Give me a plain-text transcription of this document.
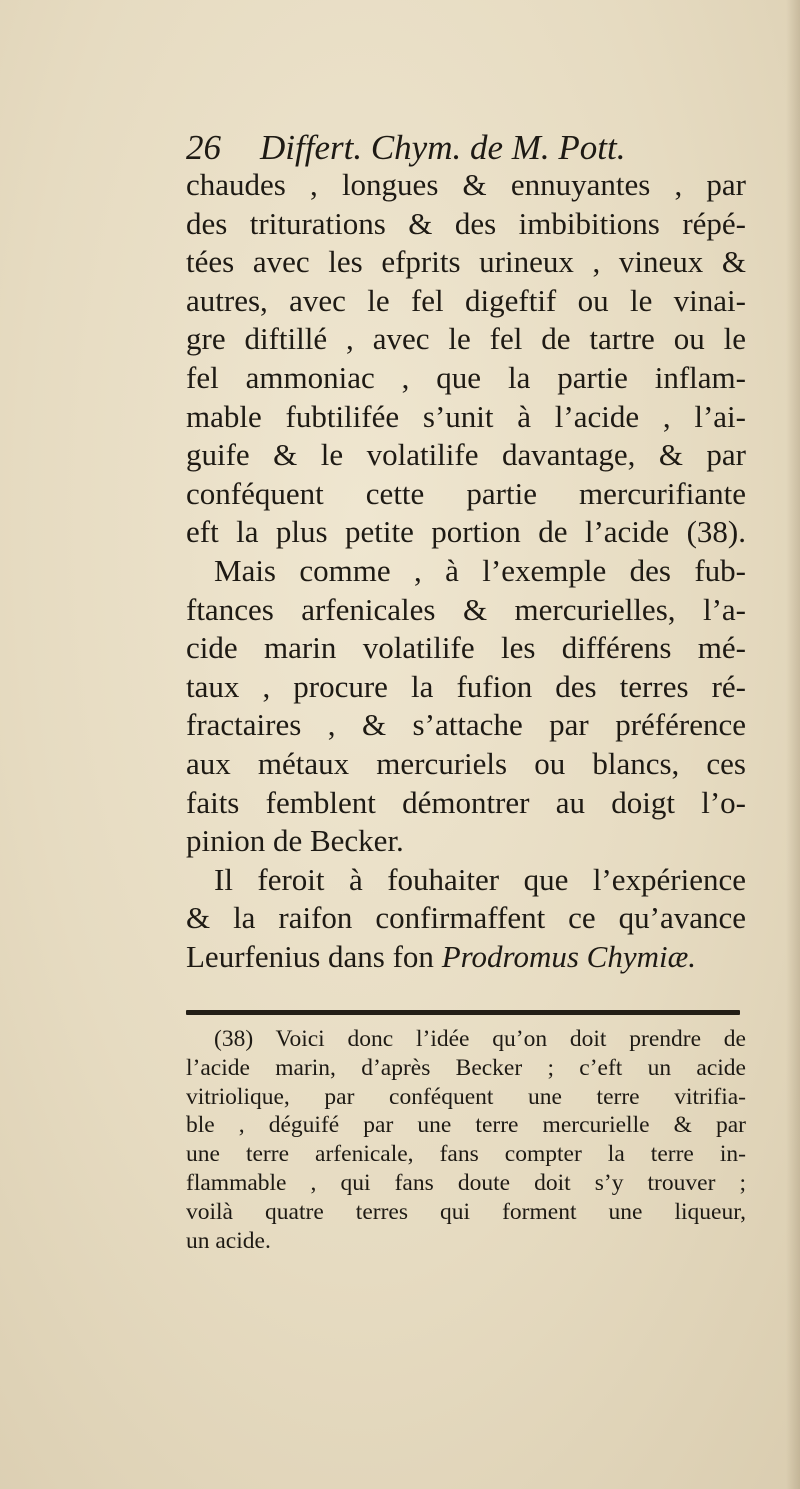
26 Differt. Chym. de M. Pott.
chaudes , longues & ennuyantes , par
des triturations & des imbibitions répé-
tées avec les efprits urineux , vineux &
autres, avec le fel digeftif ou le vinai-
gre diftillé , avec le fel de tartre ou le
fel ammoniac , que la partie inflam-
mable fubtilifée s’unit à l’acide , l’ai-
guife & le volatilife davantage, & par
conféquent cette partie mercurifiante
eft la plus petite portion de l’acide (38).
Mais comme , à l’exemple des fub-
ftances arfenicales & mercurielles, l’a-
cide marin volatilife les différens mé-
taux , procure la fufion des terres ré-
fractaires , & s’attache par préférence
aux métaux mercuriels ou blancs, ces
faits femblent démontrer au doigt l’o-
pinion de Becker.
Il feroit à fouhaiter que l’expérience
& la raifon confirmaffent ce qu’avance
Leurfenius dans fon Prodromus Chymiæ.
(38) Voici donc l’idée qu’on doit prendre de
l’acide marin, d’après Becker ; c’eft un acide
vitriolique, par conféquent une terre vitrifia-
ble , déguifé par une terre mercurielle & par
une terre arfenicale, fans compter la terre in-
flammable , qui fans doute doit s’y trouver ;
voilà quatre terres qui forment une liqueur,
un acide.
